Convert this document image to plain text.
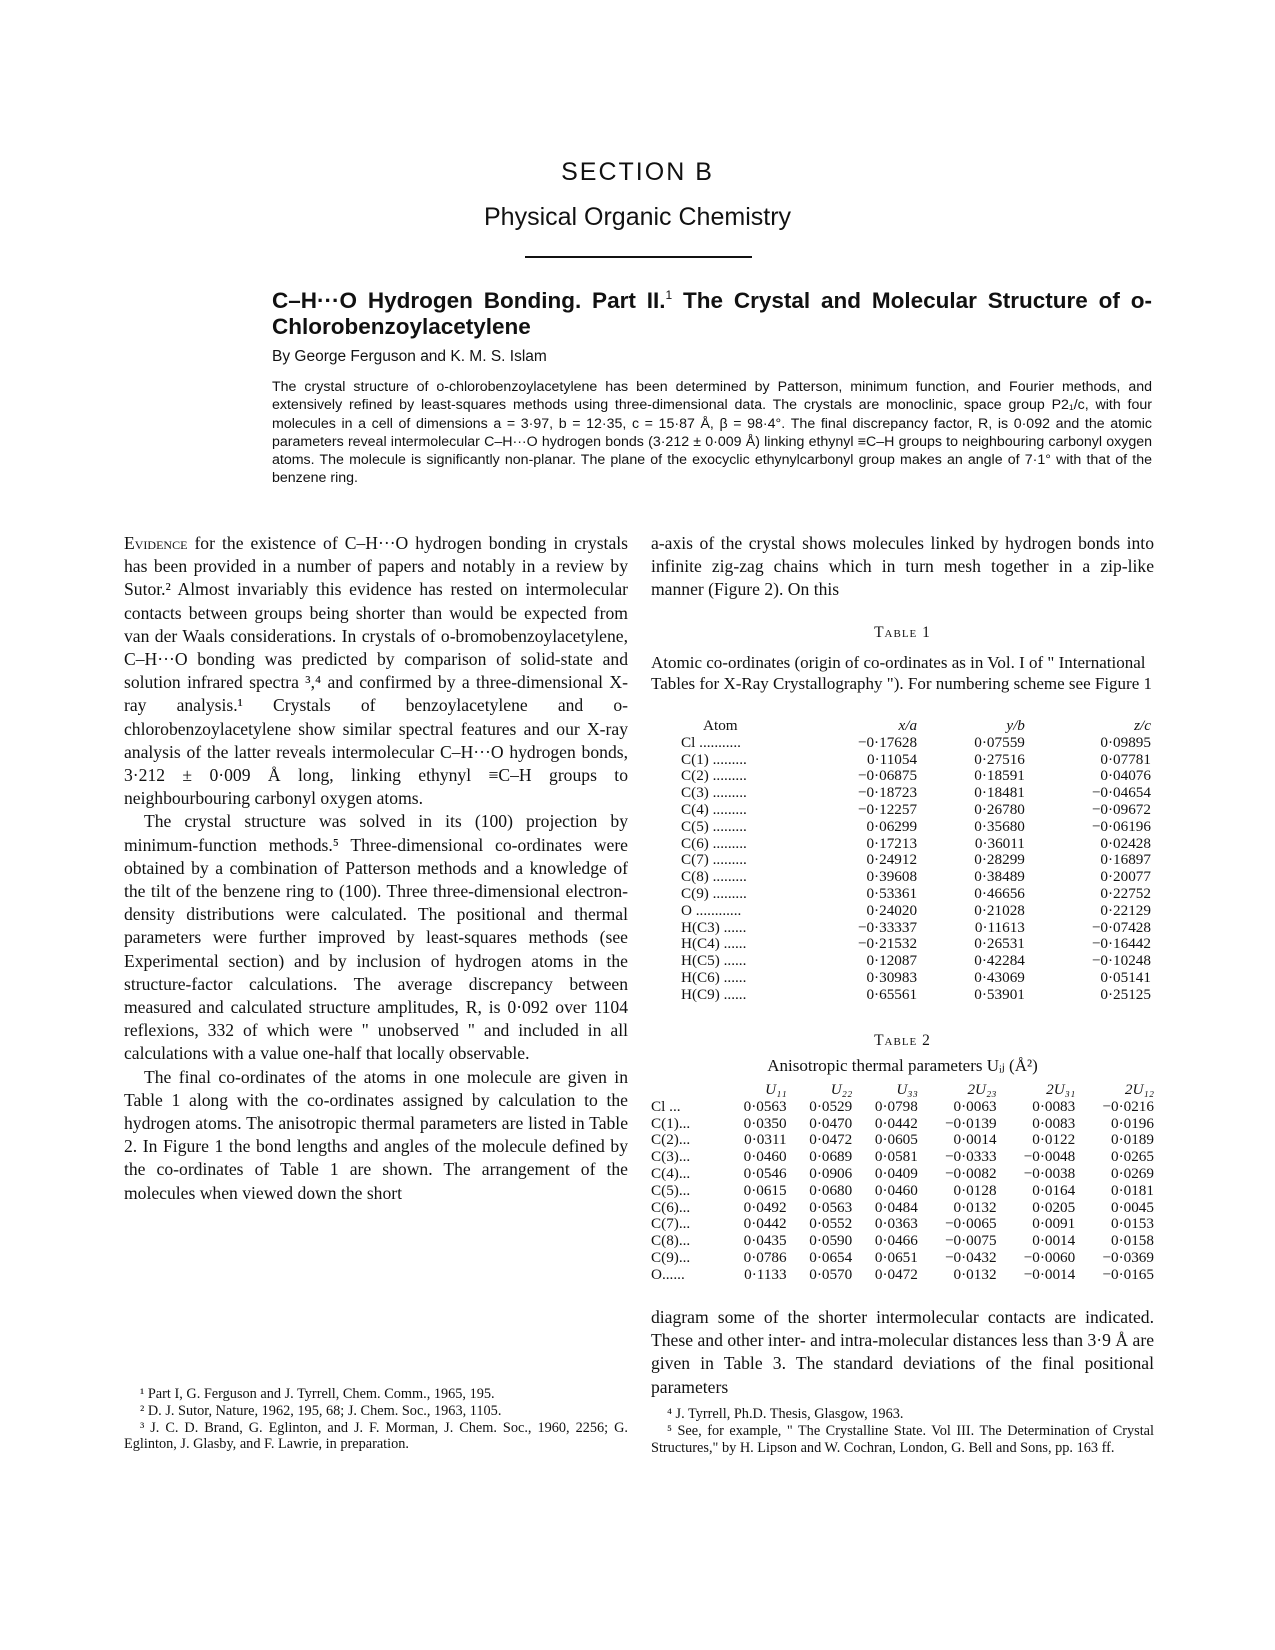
SECTION B
Physical Organic Chemistry
C–H···O Hydrogen Bonding. Part II.$^1$ The Crystal and Molecular Structure of o-Chlorobenzoylacetylene
By George Ferguson and K. M. S. Islam
The crystal structure of o-chlorobenzoylacetylene has been determined by Patterson, minimum function, and Fourier methods, and extensively refined by least-squares methods using three-dimensional data. The crystals are monoclinic, space group P2₁/c, with four molecules in a cell of dimensions a = 3·97, b = 12·35, c = 15·87 Å, β = 98·4°. The final discrepancy factor, R, is 0·092 and the atomic parameters reveal intermolecular C–H···O hydrogen bonds (3·212 ± 0·009 Å) linking ethynyl ≡C–H groups to neighbouring carbonyl oxygen atoms. The molecule is significantly non-planar. The plane of the exocyclic ethynylcarbonyl group makes an angle of 7·1° with that of the benzene ring.

Evidence for the existence of C–H···O hydrogen bonding in crystals has been provided in a number of papers and notably in a review by Sutor.² Almost invariably this evidence has rested on intermolecular contacts between groups being shorter than would be expected from van der Waals considerations. In crystals of o-bromobenzoylacetylene, C–H···O bonding was predicted by comparison of solid-state and solution infrared spectra ³,⁴ and confirmed by a three-dimensional X-ray analysis.¹ Crystals of benzoylacetylene and o-chlorobenzoylacetylene show similar spectral features and our X-ray analysis of the latter reveals intermolecular C–H···O hydrogen bonds, 3·212 ± 0·009 Å long, linking ethynyl ≡C–H groups to neighbourbouring carbonyl oxygen atoms.

The crystal structure was solved in its (100) projection by minimum-function methods.⁵ Three-dimensional co-ordinates were obtained by a combination of Patterson methods and a knowledge of the tilt of the benzene ring to (100). Three three-dimensional electron-density distributions were calculated. The positional and thermal parameters were further improved by least-squares methods (see Experimental section) and by inclusion of hydrogen atoms in the structure-factor calculations. The average discrepancy between measured and calculated structure amplitudes, R, is 0·092 over 1104 reflexions, 332 of which were " unobserved " and included in all calculations with a value one-half that locally observable.

The final co-ordinates of the atoms in one molecule are given in Table 1 along with the co-ordinates assigned by calculation to the hydrogen atoms. The anisotropic thermal parameters are listed in Table 2. In Figure 1 the bond lengths and angles of the molecule defined by the co-ordinates of Table 1 are shown. The arrangement of the molecules when viewed down the short

a-axis of the crystal shows molecules linked by hydrogen bonds into infinite zig-zag chains which in turn mesh together in a zip-like manner (Figure 2). On this

Table 1
Atomic co-ordinates (origin of co-ordinates as in Vol. I of " International Tables for X-Ray Crystallography "). For numbering scheme see Figure 1
Atom	x/a	y/b	z/c
Cl ...........	−0·17628	0·07559	0·09895
C(1) .........	0·11054	0·27516	0·07781
C(2) .........	−0·06875	0·18591	0·04076
C(3) .........	−0·18723	0·18481	−0·04654
C(4) .........	−0·12257	0·26780	−0·09672
C(5) .........	0·06299	0·35680	−0·06196
C(6) .........	0·17213	0·36011	0·02428
C(7) .........	0·24912	0·28299	0·16897
C(8) .........	0·39608	0·38489	0·20077
C(9) .........	0·53361	0·46656	0·22752
O ............	0·24020	0·21028	0·22129
H(C3) ......	−0·33337	0·11613	−0·07428
H(C4) ......	−0·21532	0·26531	−0·16442
H(C5) ......	0·12087	0·42284	−0·10248
H(C6) ......	0·30983	0·43069	0·05141
H(C9) ......	0·65561	0·53901	0·25125
Table 2
Anisotropic thermal parameters Uᵢⱼ (Å²)
	U₁₁	U₂₂	U₃₃	2U₂₃	2U₃₁	2U₁₂
Cl ...	0·0563	0·0529	0·0798	0·0063	0·0083	−0·0216
C(1)...	0·0350	0·0470	0·0442	−0·0139	0·0083	0·0196
C(2)...	0·0311	0·0472	0·0605	0·0014	0·0122	0·0189
C(3)...	0·0460	0·0689	0·0581	−0·0333	−0·0048	0·0265
C(4)...	0·0546	0·0906	0·0409	−0·0082	−0·0038	0·0269
C(5)...	0·0615	0·0680	0·0460	0·0128	0·0164	0·0181
C(6)...	0·0492	0·0563	0·0484	0·0132	0·0205	0·0045
C(7)...	0·0442	0·0552	0·0363	−0·0065	0·0091	0·0153
C(8)...	0·0435	0·0590	0·0466	−0·0075	0·0014	0·0158
C(9)...	0·0786	0·0654	0·0651	−0·0432	−0·0060	−0·0369
O......	0·1133	0·0570	0·0472	0·0132	−0·0014	−0·0165

diagram some of the shorter intermolecular contacts are indicated. These and other inter- and intra-molecular distances less than 3·9 Å are given in Table 3. The standard deviations of the final positional parameters

¹ Part I, G. Ferguson and J. Tyrrell, Chem. Comm., 1965, 195.

² D. J. Sutor, Nature, 1962, 195, 68; J. Chem. Soc., 1963, 1105.

³ J. C. D. Brand, G. Eglinton, and J. F. Morman, J. Chem. Soc., 1960, 2256; G. Eglinton, J. Glasby, and F. Lawrie, in preparation.

⁴ J. Tyrrell, Ph.D. Thesis, Glasgow, 1963.

⁵ See, for example, " The Crystalline State. Vol III. The Determination of Crystal Structures," by H. Lipson and W. Cochran, London, G. Bell and Sons, pp. 163 ff.
